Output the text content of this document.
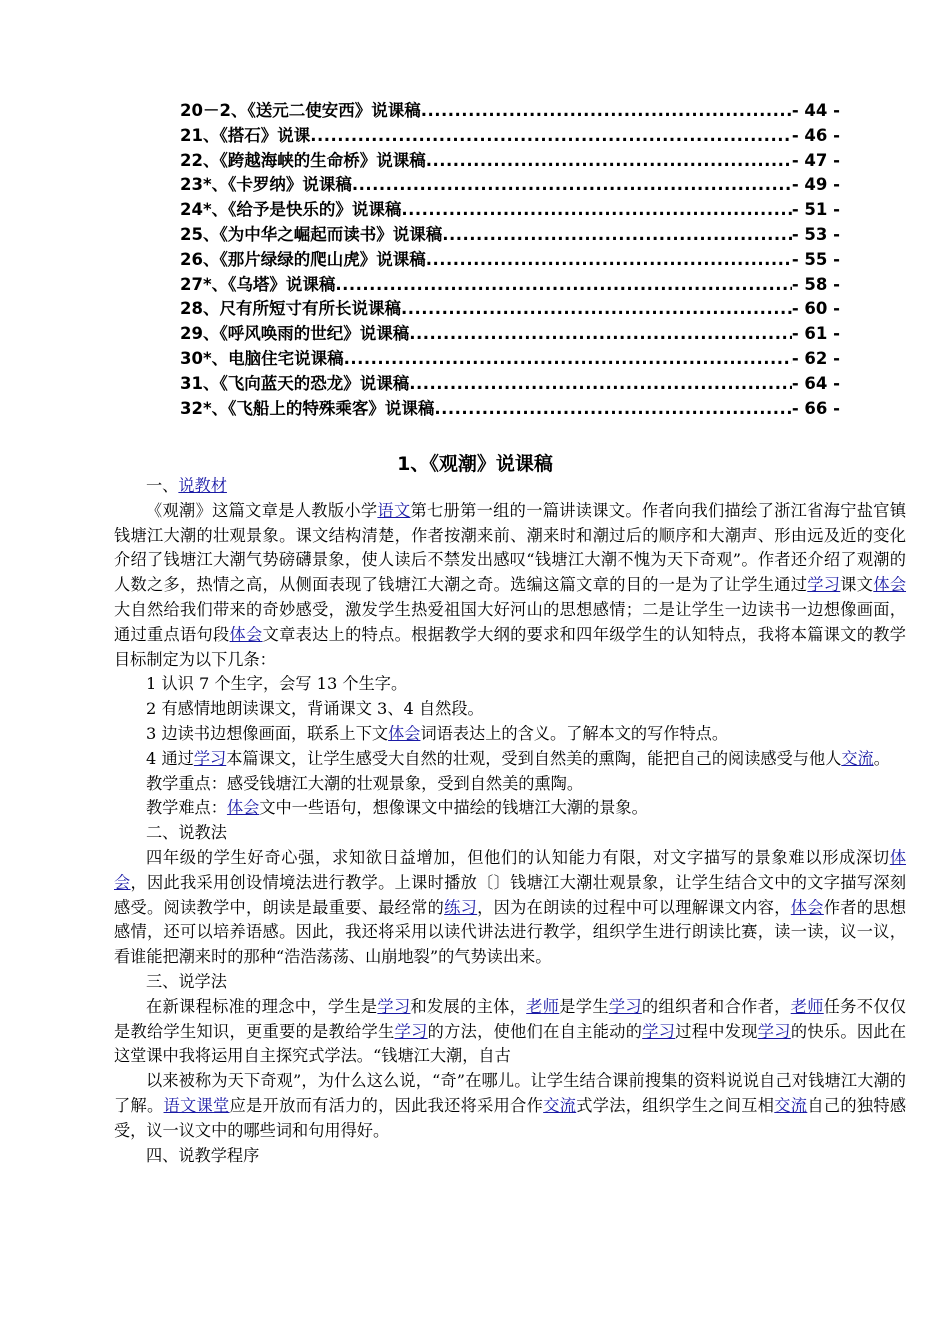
20－2、《送元二使安西》说课稿 .....	- 44 -
21、《搭石》说课 .....	- 46 -
22、《跨越海峡的生命桥》说课稿 .....	- 47 -
23*、《卡罗纳》说课稿 .....	- 49 -
24*、《给予是快乐的》说课稿 .....	- 51 -
25、《为中华之崛起而读书》说课稿 .....	- 53 -
26、《那片绿绿的爬山虎》说课稿 .....	- 55 -
27*、《乌塔》说课稿 .....	- 58 -
28、尺有所短寸有所长说课稿 .....	- 60 -
29、《呼风唤雨的世纪》说课稿 .....	- 61 -
30*、电脑住宅说课稿 .....	- 62 -
31、《飞向蓝天的恐龙》说课稿 .....	- 64 -
32*、《飞船上的特殊乘客》说课稿 .....	- 66 -
1、《观潮》说课稿

一、说教材

《观潮》这篇文章是人教版小学语文第七册第一组的一篇讲读课文。作者向我们描绘了浙江省海宁盐官镇钱塘江大潮的壮观景象。课文结构清楚，作者按潮来前、潮来时和潮过后的顺序和大潮声、形由远及近的变化介绍了钱塘江大潮气势磅礴景象，使人读后不禁发出感叹“钱塘江大潮不愧为天下奇观”。作者还介绍了观潮的人数之多，热情之高，从侧面表现了钱塘江大潮之奇。选编这篇文章的目的一是为了让学生通过学习课文体会大自然给我们带来的奇妙感受，激发学生热爱祖国大好河山的思想感情；二是让学生一边读书一边想像画面，通过重点语句段体会文章表达上的特点。根据教学大纲的要求和四年级学生的认知特点，我将本篇课文的教学目标制定为以下几条：

1 认识 7 个生字，会写 13 个生字。

2 有感情地朗读课文，背诵课文 3、4 自然段。

3 边读书边想像画面，联系上下文体会词语表达上的含义。了解本文的写作特点。

4 通过学习本篇课文，让学生感受大自然的壮观，受到自然美的熏陶，能把自己的阅读感受与他人交流。

教学重点：感受钱塘江大潮的壮观景象，受到自然美的熏陶。

教学难点：体会文中一些语句，想像课文中描绘的钱塘江大潮的景象。

二、说教法

四年级的学生好奇心强，求知欲日益增加，但他们的认知能力有限，对文字描写的景象难以形成深切体会，因此我采用创设情境法进行教学。上课时播放〔〕钱塘江大潮壮观景象，让学生结合文中的文字描写深刻感受。阅读教学中，朗读是最重要、最经常的练习，因为在朗读的过程中可以理解课文内容，体会作者的思想感情，还可以培养语感。因此，我还将采用以读代讲法进行教学，组织学生进行朗读比赛，读一读，议一议，看谁能把潮来时的那种“浩浩荡荡、山崩地裂”的气势读出来。

三、说学法

在新课程标准的理念中，学生是学习和发展的主体，老师是学生学习的组织者和合作者，老师任务不仅仅是教给学生知识，更重要的是教给学生学习的方法，使他们在自主能动的学习过程中发现学习的快乐。因此在这堂课中我将运用自主探究式学法。“钱塘江大潮，自古

以来被称为天下奇观”，为什么这么说，“奇”在哪儿。让学生结合课前搜集的资料说说自己对钱塘江大潮的了解。语文课堂应是开放而有活力的，因此我还将采用合作交流式学法，组织学生之间互相交流自己的独特感受，议一议文中的哪些词和句用得好。

四、说教学程序
